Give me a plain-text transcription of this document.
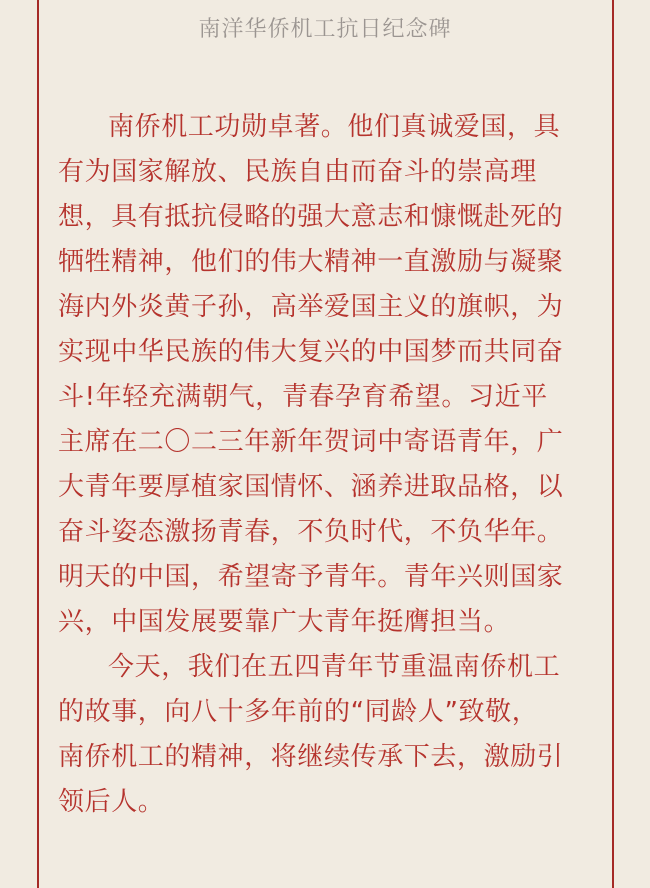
南洋华侨机工抗日纪念碑
南侨机工功勋卓著。他们真诚爱国，具
有为国家解放、民族自由而奋斗的崇高理
想，具有抵抗侵略的强大意志和慷慨赴死的
牺牲精神，他们的伟大精神一直激励与凝聚
海内外炎黄子孙，高举爱国主义的旗帜，为
实现中华民族的伟大复兴的中国梦而共同奋
斗!年轻充满朝气，青春孕育希望。习近平
主席在二〇二三年新年贺词中寄语青年，广
大青年要厚植家国情怀、涵养进取品格，以
奋斗姿态激扬青春，不负时代，不负华年。
明天的中国，希望寄予青年。青年兴则国家
兴，中国发展要靠广大青年挺膺担当。
今天，我们在五四青年节重温南侨机工
的故事，向八十多年前的“同龄人”致敬，
南侨机工的精神，将继续传承下去，激励引
领后人。
